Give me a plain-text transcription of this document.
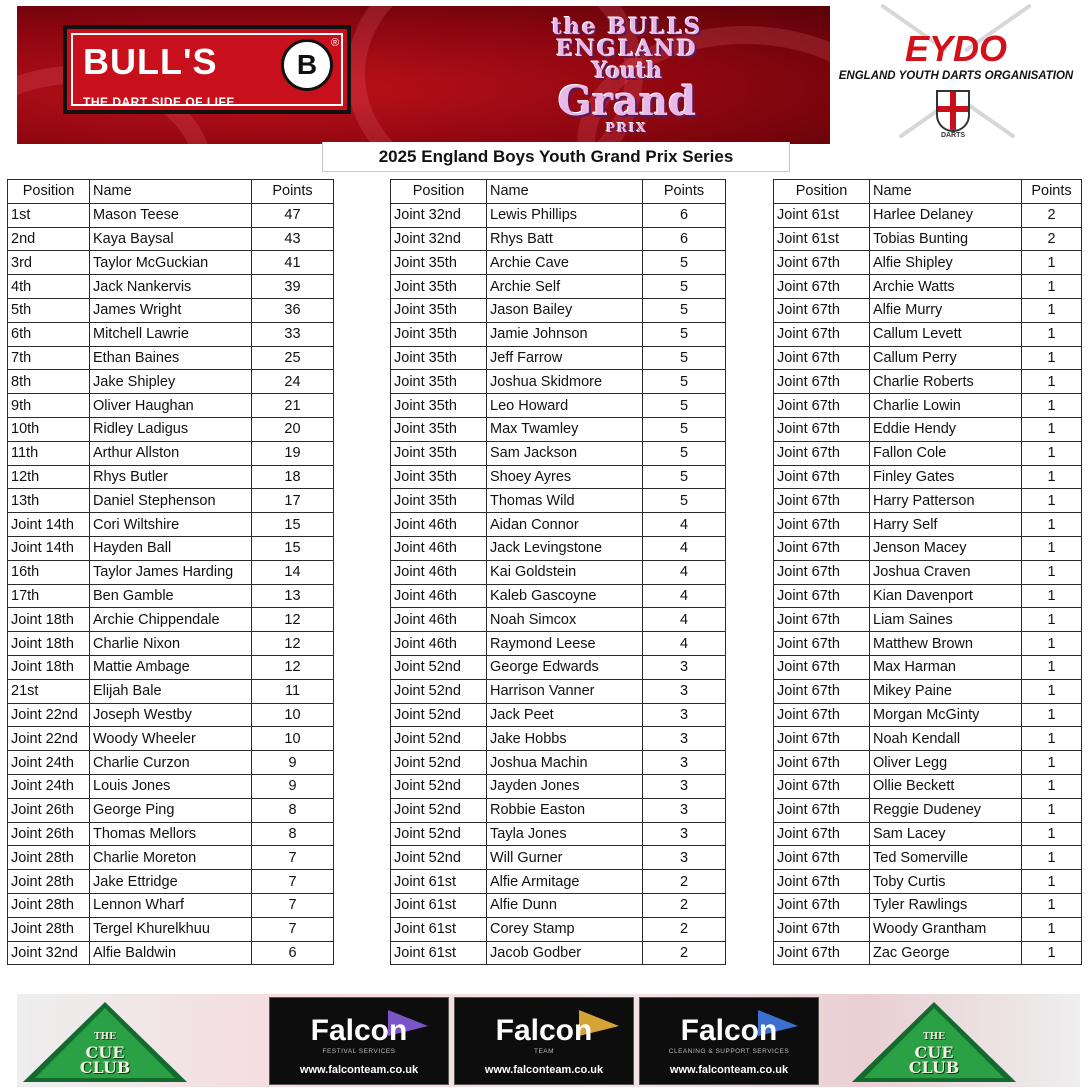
BULL'S	B
®
THE DART SIDE OF LIFE
the BULLS
ENGLAND
Youth
Grand
PRIX
EYDO
ENGLAND YOUTH DARTS ORGANISATION
DARTS
2025 England Boys Youth Grand Prix Series
Position	Name	Points
1st	Mason Teese	47
2nd	Kaya Baysal	43
3rd	Taylor McGuckian	41
4th	Jack Nankervis	39
5th	James Wright	36
6th	Mitchell Lawrie	33
7th	Ethan Baines	25
8th	Jake Shipley	24
9th	Oliver Haughan	21
10th	Ridley Ladigus	20
11th	Arthur Allston	19
12th	Rhys Butler	18
13th	Daniel Stephenson	17
Joint 14th	Cori Wiltshire	15
Joint 14th	Hayden Ball	15
16th	Taylor James Harding	14
17th	Ben Gamble	13
Joint 18th	Archie Chippendale	12
Joint 18th	Charlie Nixon	12
Joint 18th	Mattie Ambage	12
21st	Elijah Bale	11
Joint 22nd	Joseph Westby	10
Joint 22nd	Woody Wheeler	10
Joint 24th	Charlie Curzon	9
Joint 24th	Louis Jones	9
Joint 26th	George Ping	8
Joint 26th	Thomas Mellors	8
Joint 28th	Charlie Moreton	7
Joint 28th	Jake Ettridge	7
Joint 28th	Lennon Wharf	7
Joint 28th	Tergel Khurelkhuu	7
Joint 32nd	Alfie Baldwin	6
Position	Name	Points
Joint 32nd	Lewis Phillips	6
Joint 32nd	Rhys Batt	6
Joint 35th	Archie Cave	5
Joint 35th	Archie Self	5
Joint 35th	Jason Bailey	5
Joint 35th	Jamie Johnson	5
Joint 35th	Jeff Farrow	5
Joint 35th	Joshua Skidmore	5
Joint 35th	Leo Howard	5
Joint 35th	Max Twamley	5
Joint 35th	Sam Jackson	5
Joint 35th	Shoey Ayres	5
Joint 35th	Thomas Wild	5
Joint 46th	Aidan Connor	4
Joint 46th	Jack Levingstone	4
Joint 46th	Kai Goldstein	4
Joint 46th	Kaleb Gascoyne	4
Joint 46th	Noah Simcox	4
Joint 46th	Raymond Leese	4
Joint 52nd	George Edwards	3
Joint 52nd	Harrison Vanner	3
Joint 52nd	Jack Peet	3
Joint 52nd	Jake Hobbs	3
Joint 52nd	Joshua Machin	3
Joint 52nd	Jayden Jones	3
Joint 52nd	Robbie Easton	3
Joint 52nd	Tayla Jones	3
Joint 52nd	Will Gurner	3
Joint 61st	Alfie Armitage	2
Joint 61st	Alfie Dunn	2
Joint 61st	Corey Stamp	2
Joint 61st	Jacob Godber	2
Position	Name	Points
Joint 61st	Harlee Delaney	2
Joint 61st	Tobias Bunting	2
Joint 67th	Alfie Shipley	1
Joint 67th	Archie Watts	1
Joint 67th	Alfie Murry	1
Joint 67th	Callum Levett	1
Joint 67th	Callum Perry	1
Joint 67th	Charlie Roberts	1
Joint 67th	Charlie Lowin	1
Joint 67th	Eddie Hendy	1
Joint 67th	Fallon Cole	1
Joint 67th	Finley Gates	1
Joint 67th	Harry Patterson	1
Joint 67th	Harry Self	1
Joint 67th	Jenson Macey	1
Joint 67th	Joshua Craven	1
Joint 67th	Kian Davenport	1
Joint 67th	Liam Saines	1
Joint 67th	Matthew Brown	1
Joint 67th	Max Harman	1
Joint 67th	Mikey Paine	1
Joint 67th	Morgan McGinty	1
Joint 67th	Noah Kendall	1
Joint 67th	Oliver Legg	1
Joint 67th	Ollie Beckett	1
Joint 67th	Reggie Dudeney	1
Joint 67th	Sam Lacey	1
Joint 67th	Ted Somerville	1
Joint 67th	Toby Curtis	1
Joint 67th	Tyler Rawlings	1
Joint 67th	Woody Grantham	1
Joint 67th	Zac George	1
THE
CUE
CLUB
Falcon
FESTIVAL SERVICES
www.falconteam.co.uk
Falcon
TEAM
www.falconteam.co.uk
Falcon
CLEANING & SUPPORT SERVICES
www.falconteam.co.uk
THE
CUE
CLUB
